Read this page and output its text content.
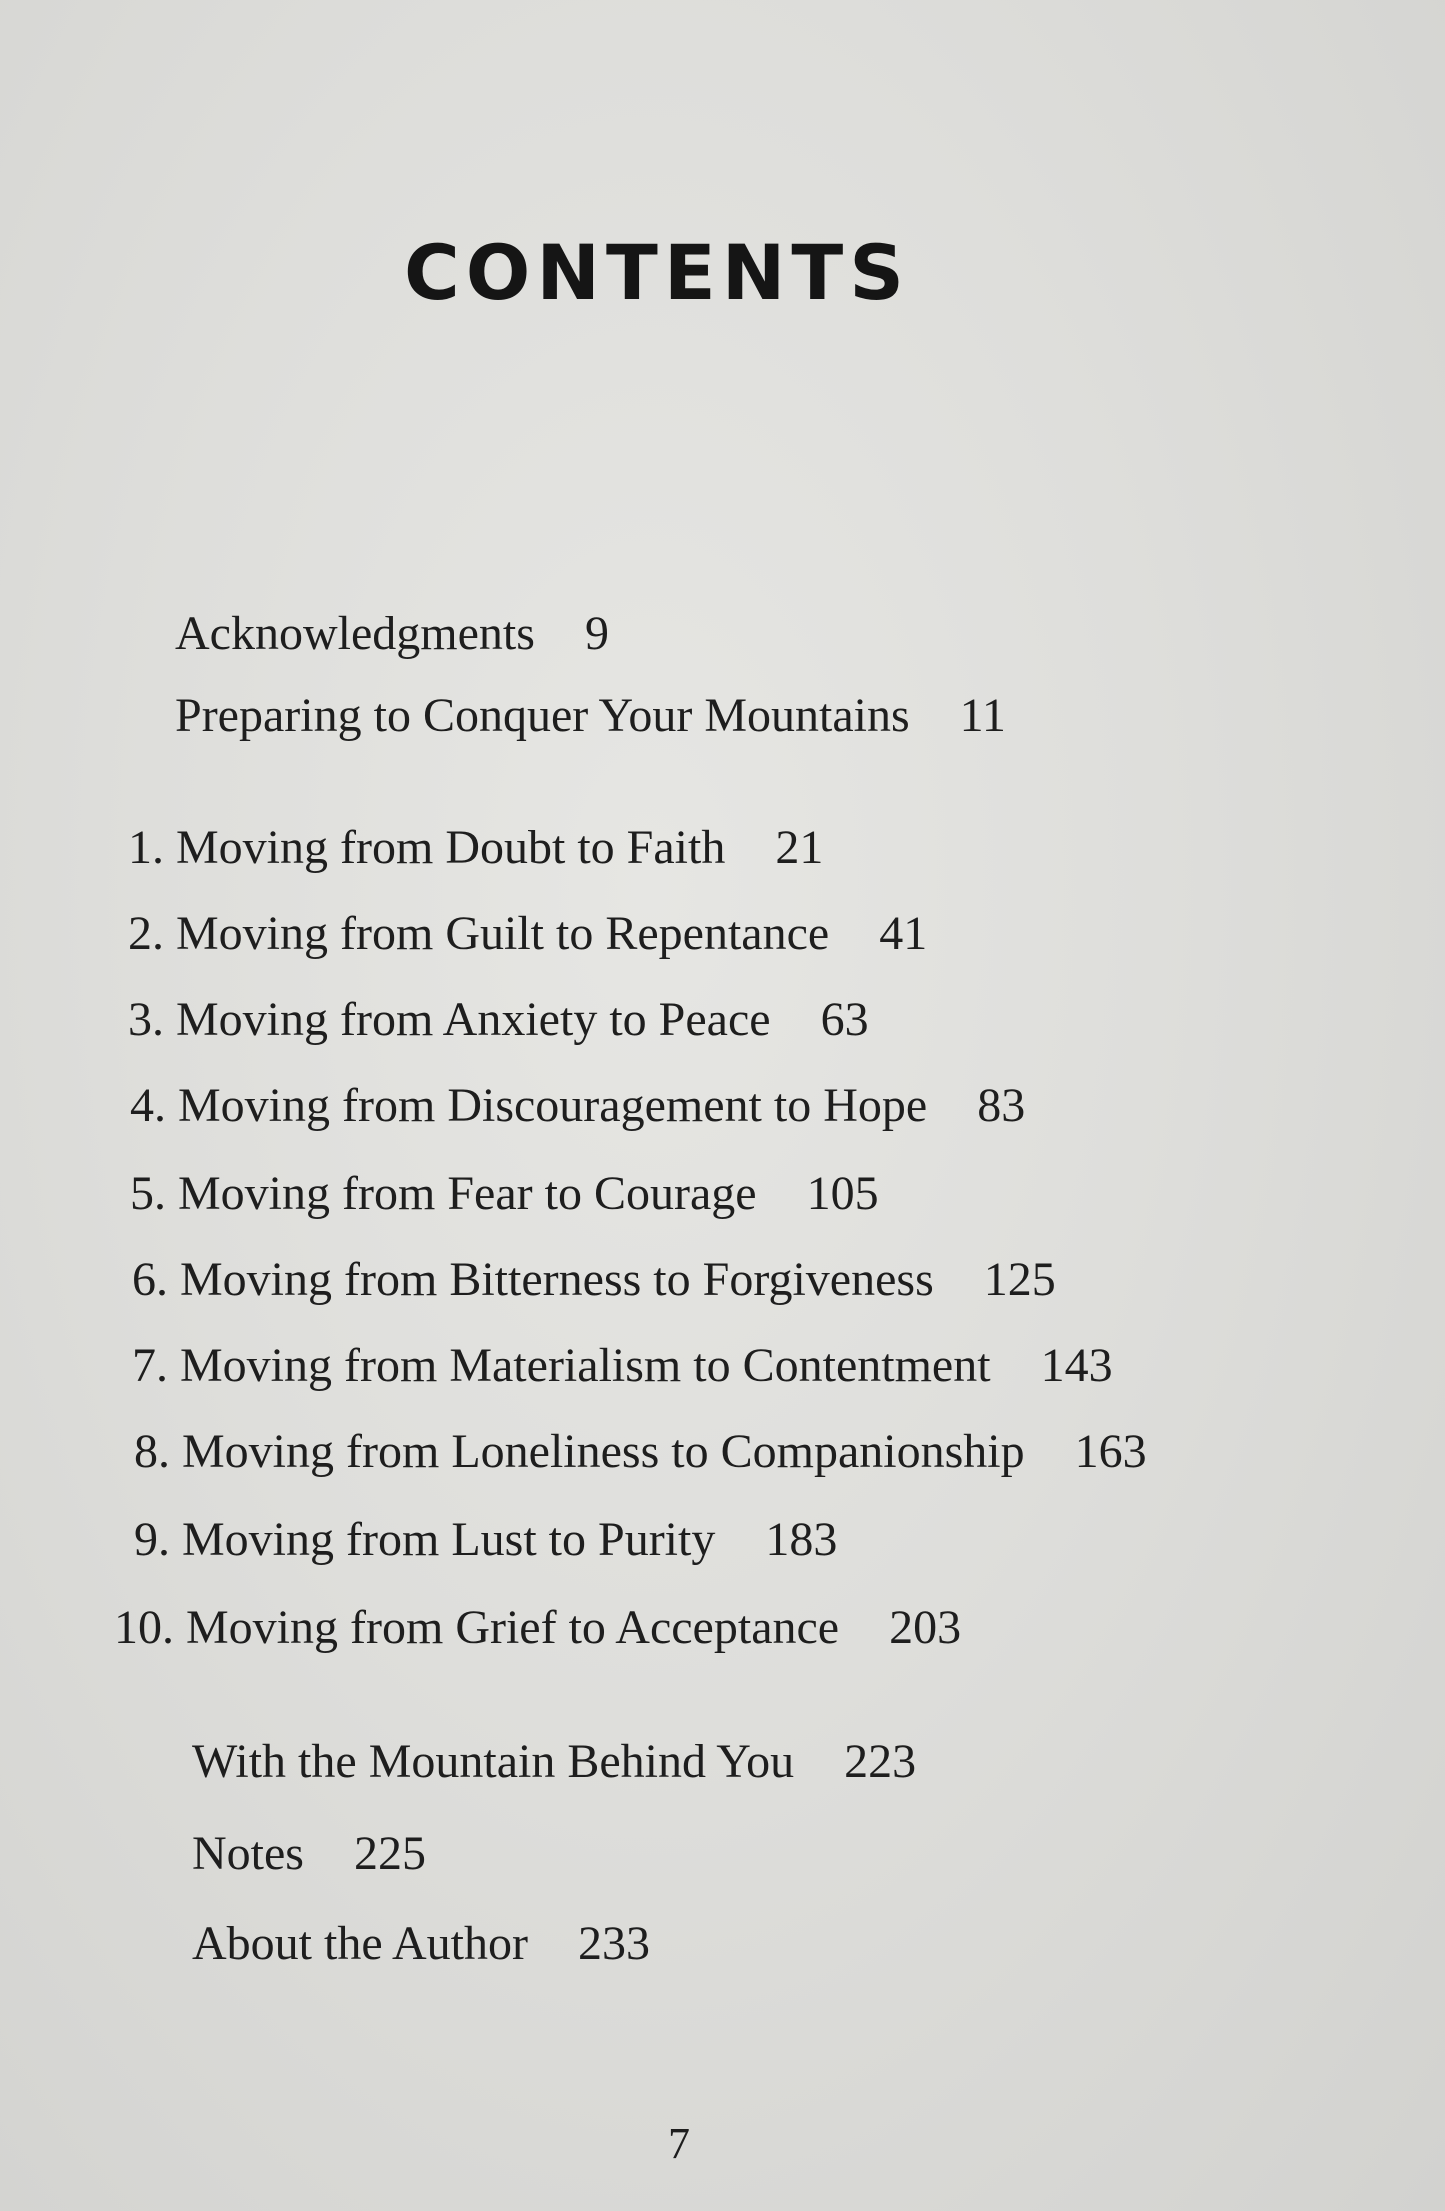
CONTENTS
Acknowledgments 9
Preparing to Conquer Your Mountains 11
1. Moving from Doubt to Faith 21
2. Moving from Guilt to Repentance 41
3. Moving from Anxiety to Peace 63
4. Moving from Discouragement to Hope 83
5. Moving from Fear to Courage 105
6. Moving from Bitterness to Forgiveness 125
7. Moving from Materialism to Contentment 143
8. Moving from Loneliness to Companionship 163
9. Moving from Lust to Purity 183
10. Moving from Grief to Acceptance 203
With the Mountain Behind You 223
Notes 225
About the Author 233
7
